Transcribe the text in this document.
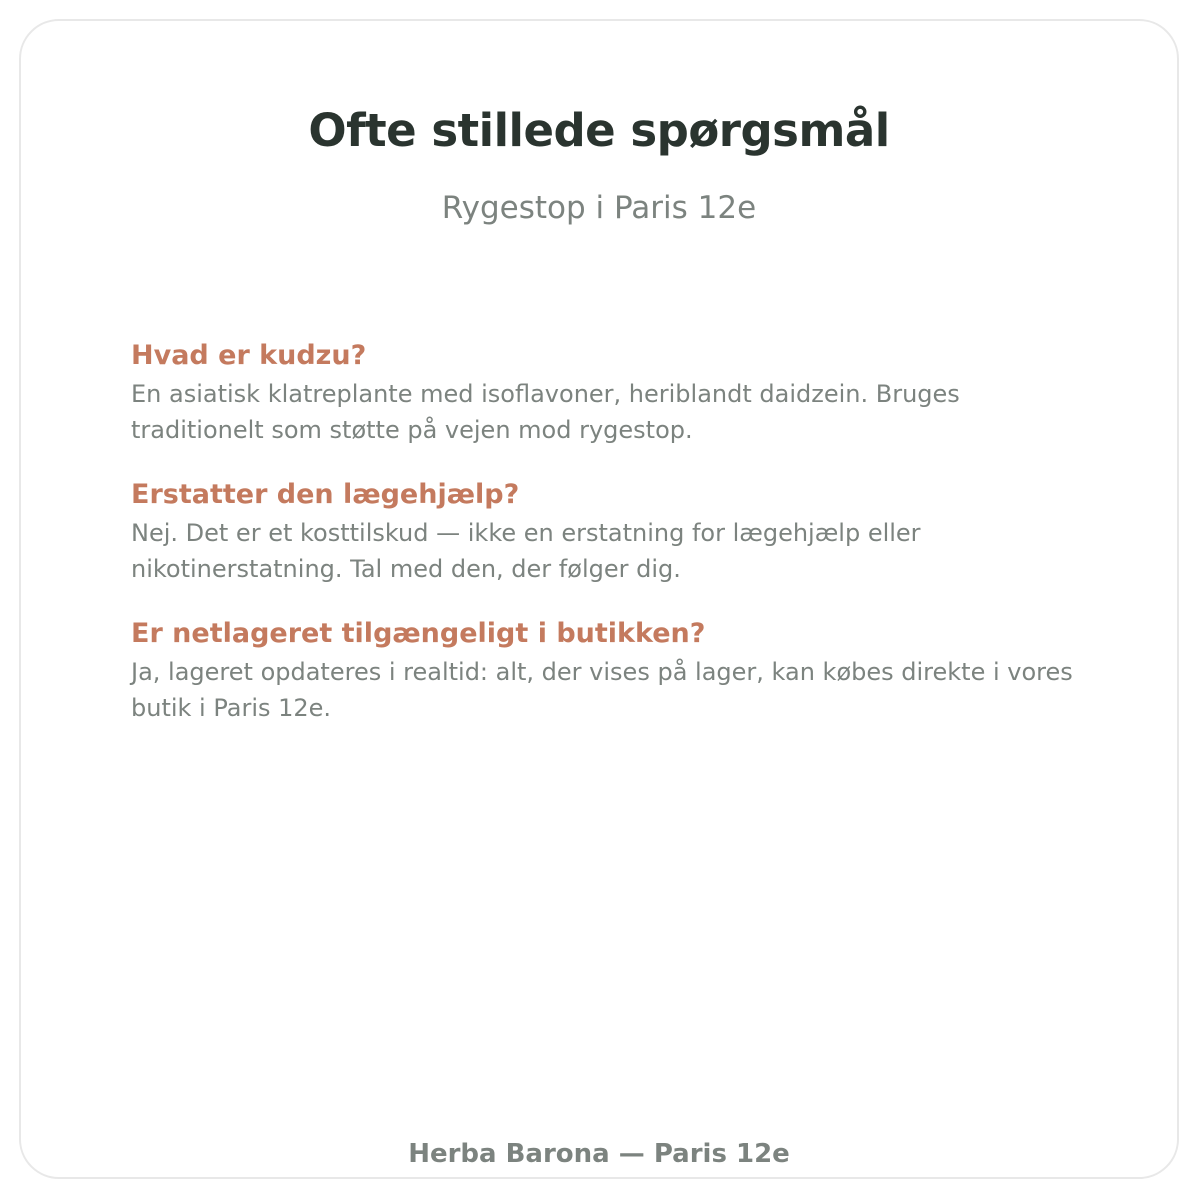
Ofte stillede spørgsmål

Rygestop i Paris 12e

Hvad er kudzu?

En asiatisk klatreplante med isoflavoner, heriblandt daidzein. Bruges traditionelt som støtte på vejen mod rygestop.

Erstatter den lægehjælp?

Nej. Det er et kosttilskud — ikke en erstatning for lægehjælp eller nikotinerstatning. Tal med den, der følger dig.

Er netlageret tilgængeligt i butikken?

Ja, lageret opdateres i realtid: alt, der vises på lager, kan købes direkte i vores butik i Paris 12e.

Herba Barona — Paris 12e
